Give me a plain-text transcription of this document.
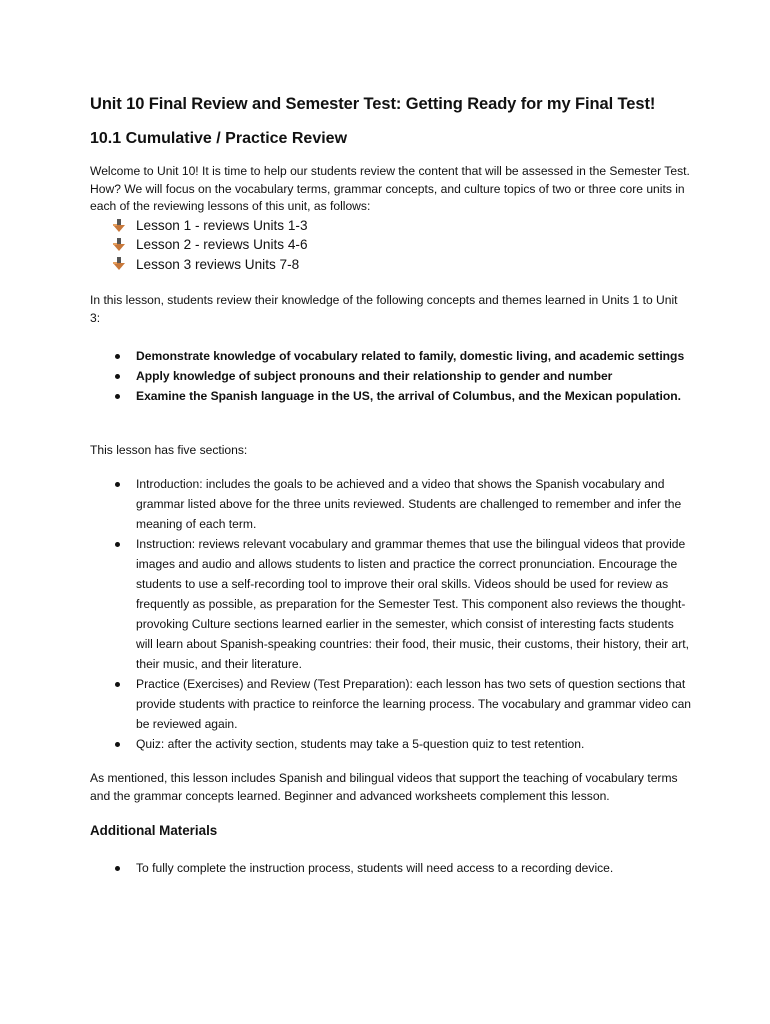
Unit 10 Final Review and Semester Test: Getting Ready for my Final Test!
10.1 Cumulative / Practice Review

Welcome to Unit 10! It is time to help our students review the content that will be assessed in the Semester Test. How? We will focus on the vocabulary terms, grammar concepts, and culture topics of two or three core units in each of the reviewing lessons of this unit, as follows:

Lesson 1 - reviews Units 1-3
Lesson 2 - reviews Units 4-6
Lesson 3 reviews Units 7-8

In this lesson, students review their knowledge of the following concepts and themes learned in Units 1 to Unit 3:

Demonstrate knowledge of vocabulary related to family, domestic living, and academic settings
Apply knowledge of subject pronouns and their relationship to gender and number
Examine the Spanish language in the US, the arrival of Columbus, and the Mexican population.

This lesson has five sections:

Introduction: includes the goals to be achieved and a video that shows the Spanish vocabulary and grammar listed above for the three units reviewed. Students are challenged to remember and infer the meaning of each term.
Instruction: reviews relevant vocabulary and grammar themes that use the bilingual videos that provide images and audio and allows students to listen and practice the correct pronunciation. Encourage the students to use a self-recording tool to improve their oral skills. Videos should be used for review as frequently as possible, as preparation for the Semester Test. This component also reviews the thought-provoking Culture sections learned earlier in the semester, which consist of interesting facts students will learn about Spanish-speaking countries: their food, their music, their customs, their history, their art, their music, and their literature.
Practice (Exercises) and Review (Test Preparation): each lesson has two sets of question sections that provide students with practice to reinforce the learning process. The vocabulary and grammar video can be reviewed again.
Quiz: after the activity section, students may take a 5-question quiz to test retention.

As mentioned, this lesson includes Spanish and bilingual videos that support the teaching of vocabulary terms and the grammar concepts learned. Beginner and advanced worksheets complement this lesson.

Additional Materials
To fully complete the instruction process, students will need access to a recording device.
